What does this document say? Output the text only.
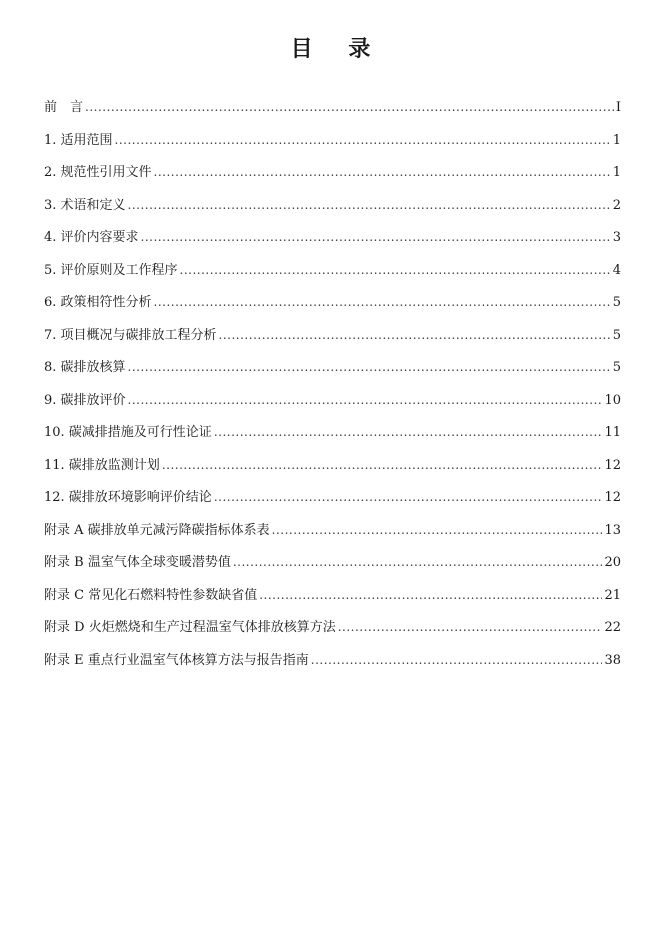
目 录
前　言 .....	I
1. 适用范围 .....	1
2. 规范性引用文件 .....	1
3. 术语和定义 .....	2
4. 评价内容要求 .....	3
5. 评价原则及工作程序 .....	4
6. 政策相符性分析 .....	5
7. 项目概况与碳排放工程分析 .....	5
8. 碳排放核算 .....	5
9. 碳排放评价 .....	10
10. 碳减排措施及可行性论证 .....	11
11. 碳排放监测计划 .....	12
12. 碳排放环境影响评价结论 .....	12
附录 A 碳排放单元减污降碳指标体系表 .....	13
附录 B 温室气体全球变暖潜势值 .....	20
附录 C 常见化石燃料特性参数缺省值 .....	21
附录 D 火炬燃烧和生产过程温室气体排放核算方法 .....	22
附录 E 重点行业温室气体核算方法与报告指南 .....	38
